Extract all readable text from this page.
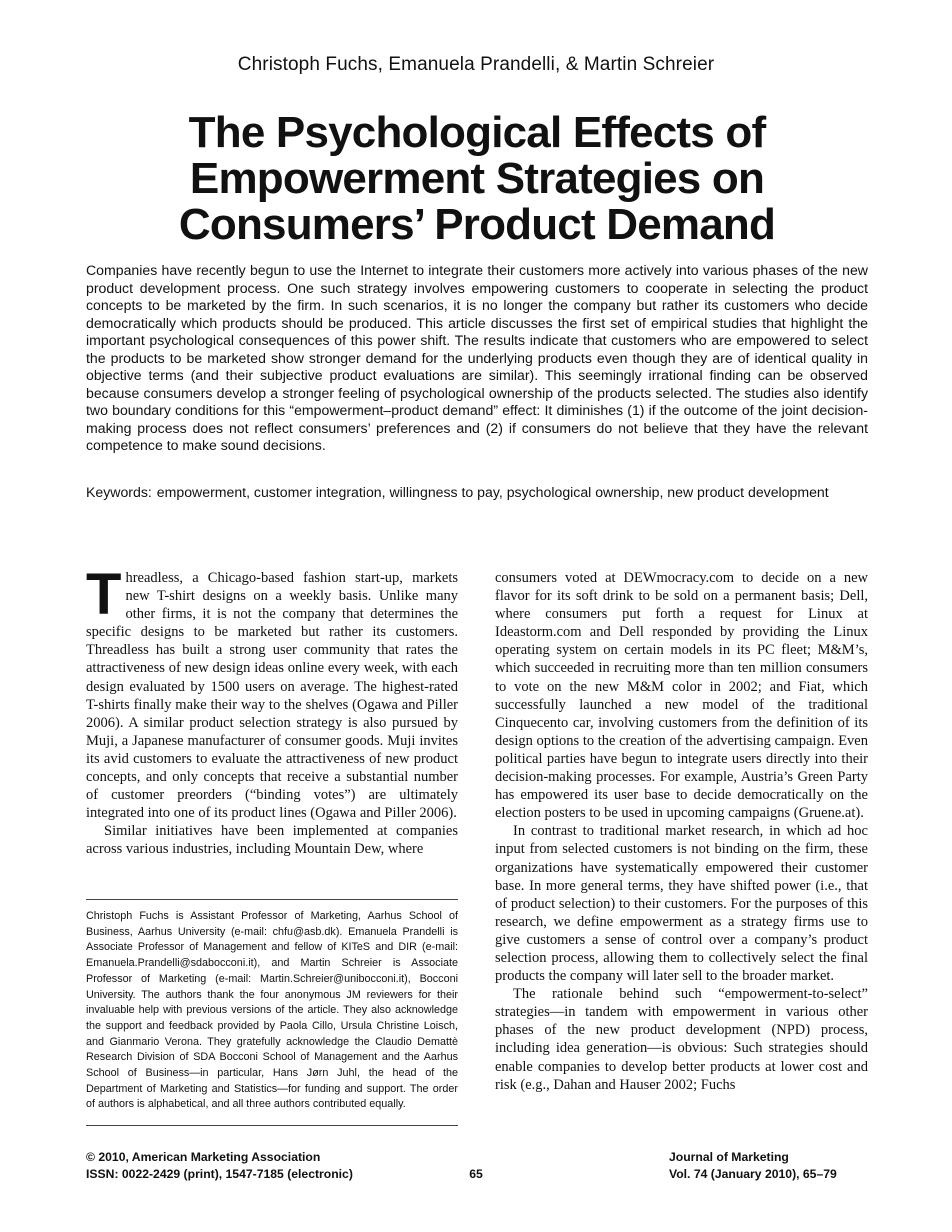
Christoph Fuchs, Emanuela Prandelli, & Martin Schreier
The Psychological Effects of Empowerment Strategies on Consumers’ Product Demand

Companies have recently begun to use the Internet to integrate their customers more actively into various phases of the new product development process. One such strategy involves empowering customers to cooperate in selecting the product concepts to be marketed by the firm. In such scenarios, it is no longer the company but rather its customers who decide democratically which products should be produced. This article discusses the first set of empirical studies that highlight the important psychological consequences of this power shift. The results indicate that customers who are empowered to select the products to be marketed show stronger demand for the underlying products even though they are of identical quality in objective terms (and their subjective product evaluations are similar). This seemingly irrational finding can be observed because consumers develop a stronger feeling of psychological ownership of the products selected. The studies also identify two boundary conditions for this “empowerment–product demand” effect: It diminishes (1) if the outcome of the joint decision-making process does not reflect consumers’ preferences and (2) if consumers do not believe that they have the relevant competence to make sound decisions.

Keywords: empowerment, customer integration, willingness to pay, psychological ownership, new product development

Threadless, a Chicago-based fashion start-up, markets new T-shirt designs on a weekly basis. Unlike many other firms, it is not the company that determines the specific designs to be marketed but rather its customers. Threadless has built a strong user community that rates the attractiveness of new design ideas online every week, with each design evaluated by 1500 users on average. The highest-rated T-shirts finally make their way to the shelves (Ogawa and Piller 2006). A similar product selection strategy is also pursued by Muji, a Japanese manufacturer of consumer goods. Muji invites its avid customers to evaluate the attractiveness of new product concepts, and only concepts that receive a substantial number of customer preorders (“binding votes”) are ultimately integrated into one of its product lines (Ogawa and Piller 2006).

Similar initiatives have been implemented at companies across various industries, including Mountain Dew, where

Christoph Fuchs is Assistant Professor of Marketing, Aarhus School of Business, Aarhus University (e-mail: chfu@asb.dk). Emanuela Prandelli is Associate Professor of Management and fellow of KITeS and DIR (e-mail: Emanuela.Prandelli@sdabocconi.it), and Martin Schreier is Associate Professor of Marketing (e-mail: Martin.Schreier@unibocconi.it), Bocconi University. The authors thank the four anonymous JM reviewers for their invaluable help with previous versions of the article. They also acknowledge the support and feedback provided by Paola Cillo, Ursula Christine Loisch, and Gianmario Verona. They gratefully acknowledge the Claudio Demattè Research Division of SDA Bocconi School of Management and the Aarhus School of Business—in particular, Hans Jørn Juhl, the head of the Department of Marketing and Statistics—for funding and support. The order of authors is alphabetical, and all three authors contributed equally.

consumers voted at DEWmocracy.com to decide on a new flavor for its soft drink to be sold on a permanent basis; Dell, where consumers put forth a request for Linux at Ideastorm.com and Dell responded by providing the Linux operating system on certain models in its PC fleet; M&M’s, which succeeded in recruiting more than ten million consumers to vote on the new M&M color in 2002; and Fiat, which successfully launched a new model of the traditional Cinquecento car, involving customers from the definition of its design options to the creation of the advertising campaign. Even political parties have begun to integrate users directly into their decision-making processes. For example, Austria’s Green Party has empowered its user base to decide democratically on the election posters to be used in upcoming campaigns (Gruene.at).

In contrast to traditional market research, in which ad hoc input from selected customers is not binding on the firm, these organizations have systematically empowered their customer base. In more general terms, they have shifted power (i.e., that of product selection) to their customers. For the purposes of this research, we define empowerment as a strategy firms use to give customers a sense of control over a company’s product selection process, allowing them to collectively select the final products the company will later sell to the broader market.

The rationale behind such “empowerment-to-select” strategies—in tandem with empowerment in various other phases of the new product development (NPD) process, including idea generation—is obvious: Such strategies should enable companies to develop better products at lower cost and risk (e.g., Dahan and Hauser 2002; Fuchs

© 2010, American Marketing Association
ISSN: 0022-2429 (print), 1547-7185 (electronic)	65
Journal of Marketing
Vol. 74 (January 2010), 65–79
